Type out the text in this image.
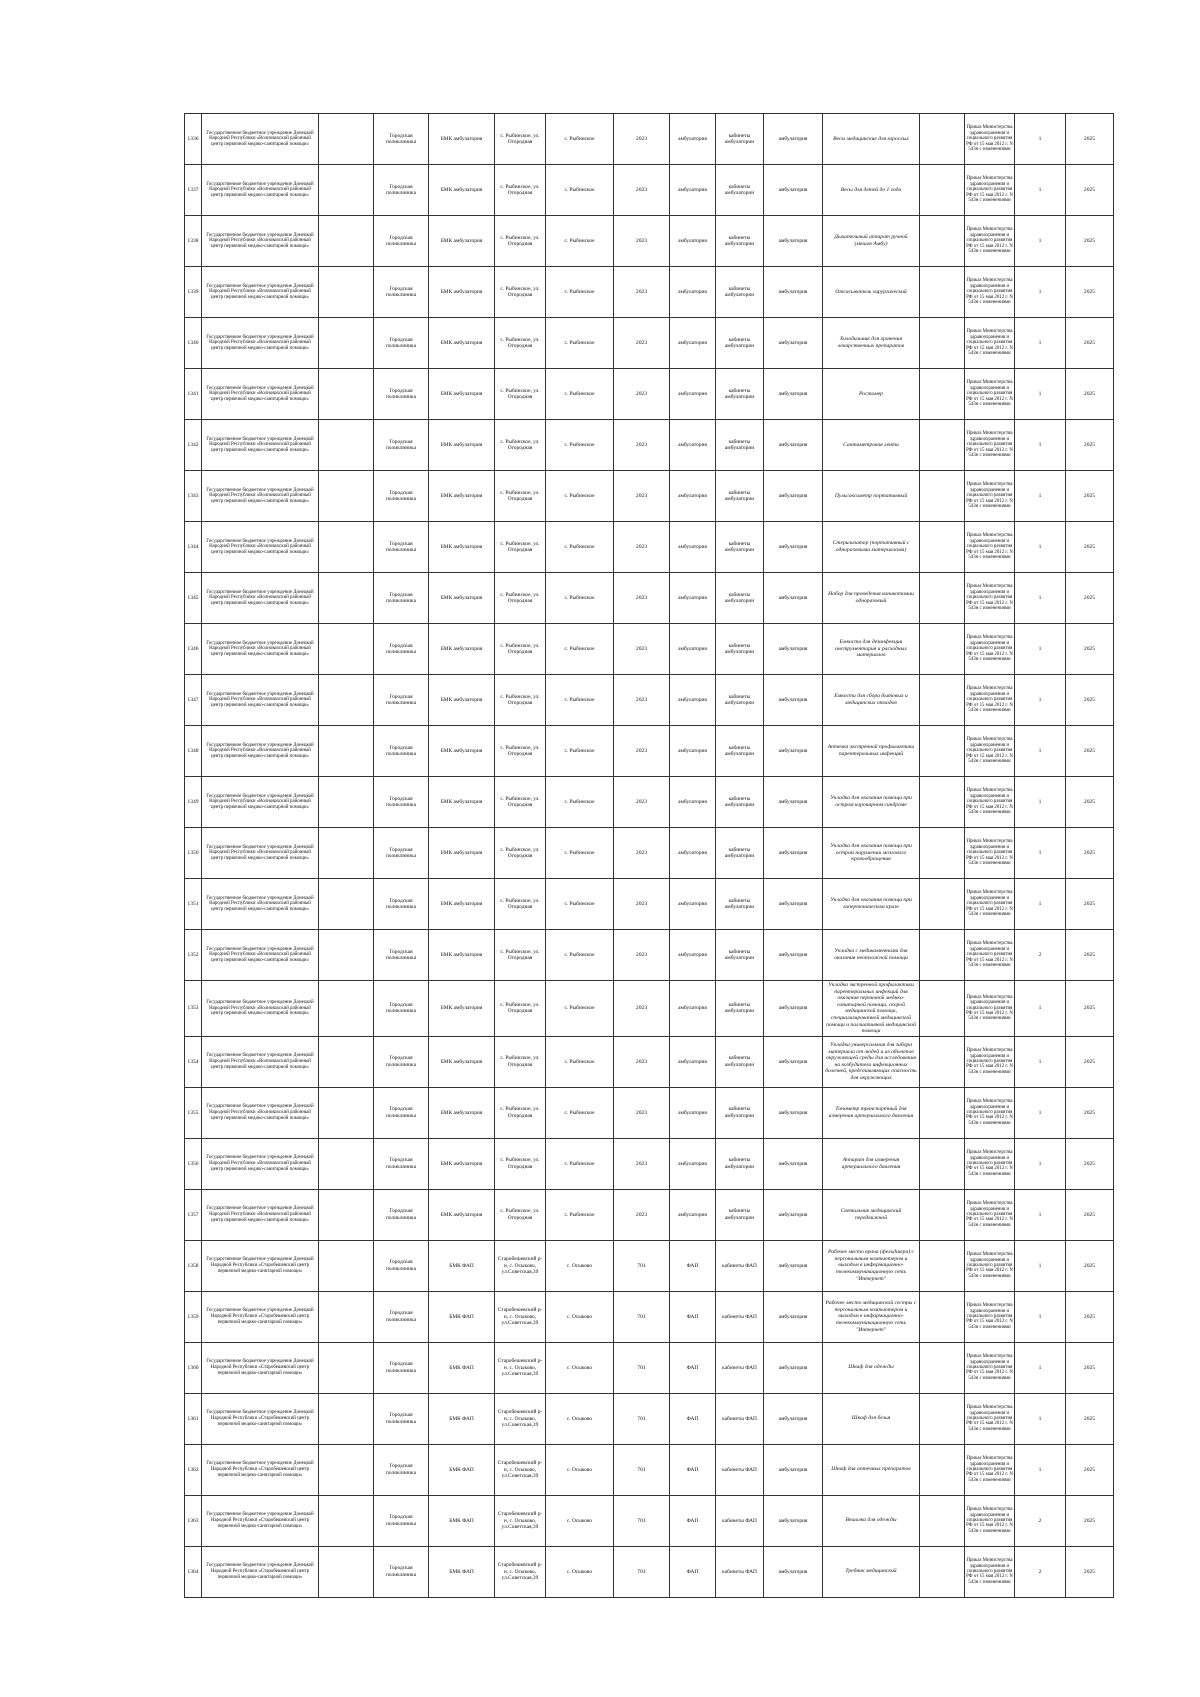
1336	Государственное бюджетное учреждение Донецкой Народной Республики «Волновахский районный центр первичной медико-санитарной помощи»		Городская поликлиника	БМК амбулатория	с. Рыбинское, ул. Огородная	с. Рыбинское	2023	амбулатория	кабинеты амбулатории	амбулатория	Весы медицинские для взрослых		Приказ Министерства здравоохранения и социального развития РФ от 15 мая 2012 г. N 543н с изменениями	1	2025
1337	Государственное бюджетное учреждение Донецкой Народной Республики «Волновахский районный центр первичной медико-санитарной помощи»		Городская поликлиника	БМК амбулатория	с. Рыбинское, ул. Огородная	с. Рыбинское	2023	амбулатория	кабинеты амбулатории	амбулатория	Весы для детей до 1 года		Приказ Министерства здравоохранения и социального развития РФ от 15 мая 2012 г. N 543н с изменениями	1	2025
1338	Государственное бюджетное учреждение Донецкой Народной Республики «Волновахский районный центр первичной медико-санитарной помощи»		Городская поликлиника	БМК амбулатория	с. Рыбинское, ул. Огородная	с. Рыбинское	2023	амбулатория	кабинеты амбулатории	амбулатория	Дыхательный аппарат ручной (мешок Амбу)		Приказ Министерства здравоохранения и социального развития РФ от 15 мая 2012 г. N 543н с изменениями	1	2025
1339	Государственное бюджетное учреждение Донецкой Народной Республики «Волновахский районный центр первичной медико-санитарной помощи»		Городская поликлиника	БМК амбулатория	с. Рыбинское, ул. Огородная	с. Рыбинское	2023	амбулатория	кабинеты амбулатории	амбулатория	Отсасыватель хирургический		Приказ Министерства здравоохранения и социального развития РФ от 15 мая 2012 г. N 543н с изменениями	1	2025
1340	Государственное бюджетное учреждение Донецкой Народной Республики «Волновахский районный центр первичной медико-санитарной помощи»		Городская поликлиника	БМК амбулатория	с. Рыбинское, ул. Огородная	с. Рыбинское	2023	амбулатория	кабинеты амбулатории	амбулатория	Холодильник для хранения лекарственных препаратов		Приказ Министерства здравоохранения и социального развития РФ от 15 мая 2012 г. N 543н с изменениями	1	2025
1341	Государственное бюджетное учреждение Донецкой Народной Республики «Волновахский районный центр первичной медико-санитарной помощи»		Городская поликлиника	БМК амбулатория	с. Рыбинское, ул. Огородная	с. Рыбинское	2023	амбулатория	кабинеты амбулатории	амбулатория	Ростомер		Приказ Министерства здравоохранения и социального развития РФ от 15 мая 2012 г. N 543н с изменениями	1	2025
1342	Государственное бюджетное учреждение Донецкой Народной Республики «Волновахский районный центр первичной медико-санитарной помощи»		Городская поликлиника	БМК амбулатория	с. Рыбинское, ул. Огородная	с. Рыбинское	2023	амбулатория	кабинеты амбулатории	амбулатория	Сантиметровая лента		Приказ Министерства здравоохранения и социального развития РФ от 15 мая 2012 г. N 543н с изменениями	1	2025
1343	Государственное бюджетное учреждение Донецкой Народной Республики «Волновахский районный центр первичной медико-санитарной помощи»		Городская поликлиника	БМК амбулатория	с. Рыбинское, ул. Огородная	с. Рыбинское	2023	амбулатория	кабинеты амбулатории	амбулатория	Пульсоксиметр портативный		Приказ Министерства здравоохранения и социального развития РФ от 15 мая 2012 г. N 543н с изменениями	1	2025
1344	Государственное бюджетное учреждение Донецкой Народной Республики «Волновахский районный центр первичной медико-санитарной помощи»		Городская поликлиника	БМК амбулатория	с. Рыбинское, ул. Огородная	с. Рыбинское	2023	амбулатория	кабинеты амбулатории	амбулатория	Стерилизатор (портативный с одноразовыми материалами)		Приказ Министерства здравоохранения и социального развития РФ от 15 мая 2012 г. N 543н с изменениями	1	2025
1345	Государственное бюджетное учреждение Донецкой Народной Республики «Волновахский районный центр первичной медико-санитарной помощи»		Городская поликлиника	БМК амбулатория	с. Рыбинское, ул. Огородная	с. Рыбинское	2023	амбулатория	кабинеты амбулатории	амбулатория	Набор для проведения коникотомии одноразовый		Приказ Министерства здравоохранения и социального развития РФ от 15 мая 2012 г. N 543н с изменениями	1	2025
1346	Государственное бюджетное учреждение Донецкой Народной Республики «Волновахский районный центр первичной медико-санитарной помощи»		Городская поликлиника	БМК амбулатория	с. Рыбинское, ул. Огородная	с. Рыбинское	2023	амбулатория	кабинеты амбулатории	амбулатория	Емкости для дезинфекции инструментария и расходных материалов		Приказ Министерства здравоохранения и социального развития РФ от 15 мая 2012 г. N 543н с изменениями	1	2025
1347	Государственное бюджетное учреждение Донецкой Народной Республики «Волновахский районный центр первичной медико-санитарной помощи»		Городская поликлиника	БМК амбулатория	с. Рыбинское, ул. Огородная	с. Рыбинское	2023	амбулатория	кабинеты амбулатории	амбулатория	Емкости для сбора бытовых и медицинских отходов		Приказ Министерства здравоохранения и социального развития РФ от 15 мая 2012 г. N 543н с изменениями	1	2025
1348	Государственное бюджетное учреждение Донецкой Народной Республики «Волновахский районный центр первичной медико-санитарной помощи»		Городская поликлиника	БМК амбулатория	с. Рыбинское, ул. Огородная	с. Рыбинское	2023	амбулатория	кабинеты амбулатории	амбулатория	Аптечка экстренной профилактики парентеральных инфекций		Приказ Министерства здравоохранения и социального развития РФ от 15 мая 2012 г. N 543н с изменениями	1	2025
1349	Государственное бюджетное учреждение Донецкой Народной Республики «Волновахский районный центр первичной медико-санитарной помощи»		Городская поликлиника	БМК амбулатория	с. Рыбинское, ул. Огородная	с. Рыбинское	2023	амбулатория	кабинеты амбулатории	амбулатория	Укладка для оказания помощи при остром коронарном синдроме		Приказ Министерства здравоохранения и социального развития РФ от 15 мая 2012 г. N 543н с изменениями	1	2025
1350	Государственное бюджетное учреждение Донецкой Народной Республики «Волновахский районный центр первичной медико-санитарной помощи»		Городская поликлиника	БМК амбулатория	с. Рыбинское, ул. Огородная	с. Рыбинское	2023	амбулатория	кабинеты амбулатории	амбулатория	Укладка для оказания помощи при остром нарушении мозгового кровообращения		Приказ Министерства здравоохранения и социального развития РФ от 15 мая 2012 г. N 543н с изменениями	1	2025
1351	Государственное бюджетное учреждение Донецкой Народной Республики «Волновахский районный центр первичной медико-санитарной помощи»		Городская поликлиника	БМК амбулатория	с. Рыбинское, ул. Огородная	с. Рыбинское	2023	амбулатория	кабинеты амбулатории	амбулатория	Укладка для оказания помощи при гипертоническом кризе		Приказ Министерства здравоохранения и социального развития РФ от 15 мая 2012 г. N 543н с изменениями	1	2025
1352	Государственное бюджетное учреждение Донецкой Народной Республики «Волновахский районный центр первичной медико-санитарной помощи»		Городская поликлиника	БМК амбулатория	с. Рыбинское, ул. Огородная	с. Рыбинское	2023	амбулатория	кабинеты амбулатории	амбулатория	Укладка с медикаментами для оказания неотложной помощи		Приказ Министерства здравоохранения и социального развития РФ от 15 мая 2012 г. N 543н с изменениями	2	2025
1353	Государственное бюджетное учреждение Донецкой Народной Республики «Волновахский районный центр первичной медико-санитарной помощи»		Городская поликлиника	БМК амбулатория	с. Рыбинское, ул. Огородная	с. Рыбинское	2023	амбулатория	кабинеты амбулатории	амбулатория	Укладка экстренной профилактики парентеральных инфекций для оказания первичной медико-санитарной помощи, скорой медицинской помощи, специализированной медицинской помощи и паллиативной медицинской помощи		Приказ Министерства здравоохранения и социального развития РФ от 15 мая 2012 г. N 543н с изменениями	1	2025
1354	Государственное бюджетное учреждение Донецкой Народной Республики «Волновахский районный центр первичной медико-санитарной помощи»		Городская поликлиника	БМК амбулатория	с. Рыбинское, ул. Огородная	с. Рыбинское	2023	амбулатория	кабинеты амбулатории	амбулатория	Укладка универсальная для забора материала от людей и из объектов окружающей среды для исследования на возбудители инфекционных болезней, представляющих опасность для окружающих		Приказ Министерства здравоохранения и социального развития РФ от 15 мая 2012 г. N 543н с изменениями	1	2025
1355	Государственное бюджетное учреждение Донецкой Народной Республики «Волновахский районный центр первичной медико-санитарной помощи»		Городская поликлиника	БМК амбулатория	с. Рыбинское, ул. Огородная	с. Рыбинское	2023	амбулатория	кабинеты амбулатории	амбулатория	Тонометр транспортный для измерения артериального давления		Приказ Министерства здравоохранения и социального развития РФ от 15 мая 2012 г. N 543н с изменениями	1	2025
1356	Государственное бюджетное учреждение Донецкой Народной Республики «Волновахский районный центр первичной медико-санитарной помощи»		Городская поликлиника	БМК амбулатория	с. Рыбинское, ул. Огородная	с. Рыбинское	2023	амбулатория	кабинеты амбулатории	амбулатория	Аппарат для измерения артериального давления		Приказ Министерства здравоохранения и социального развития РФ от 15 мая 2012 г. N 543н с изменениями	1	2025
1357	Государственное бюджетное учреждение Донецкой Народной Республики «Волновахский районный центр первичной медико-санитарной помощи»		Городская поликлиника	БМК амбулатория	с. Рыбинское, ул. Огородная	с. Рыбинское	2023	амбулатория	кабинеты амбулатории	амбулатория	Светильник медицинский передвижной		Приказ Министерства здравоохранения и социального развития РФ от 15 мая 2012 г. N 543н с изменениями	1	2025
1358	Государственное бюджетное учреждение Донецкой Народной Республики «Старобешевский центр первичной медико-санитарной помощи»		Городская поликлиника	БМК ФАП	Старобешевский р-н, с. Осыково, ул.Советская,39	с. Осыково	701	ФАП	кабинеты ФАП	амбулатория	Рабочее место врача (фельдшера) с персональным компьютером и выходом в информационно-телекоммуникационную сеть "Интернет"		Приказ Министерства здравоохранения и социального развития РФ от 15 мая 2012 г. N 543н с изменениями	1	2025
1359	Государственное бюджетное учреждение Донецкой Народной Республики «Старобешевский центр первичной медико-санитарной помощи»		Городская поликлиника	БМК ФАП	Старобешевский р-н, с. Осыково, ул.Советская,39	с. Осыково	701	ФАП	кабинеты ФАП	амбулатория	Рабочее место медицинской сестры с персональным компьютером и выходом в информационно-телекоммуникационную сеть "Интернет"		Приказ Министерства здравоохранения и социального развития РФ от 15 мая 2012 г. N 543н с изменениями	1	2025
1360	Государственное бюджетное учреждение Донецкой Народной Республики «Старобешевский центр первичной медико-санитарной помощи»		Городская поликлиника	БМК ФАП	Старобешевский р-н, с. Осыково, ул.Советская,39	с. Осыково	701	ФАП	кабинеты ФАП	амбулатория	Шкаф для одежды		Приказ Министерства здравоохранения и социального развития РФ от 15 мая 2012 г. N 543н с изменениями	1	2025
1361	Государственное бюджетное учреждение Донецкой Народной Республики «Старобешевский центр первичной медико-санитарной помощи»		Городская поликлиника	БМК ФАП	Старобешевский р-н, с. Осыково, ул.Советская,39	с. Осыково	701	ФАП	кабинеты ФАП	амбулатория	Шкаф для белья		Приказ Министерства здравоохранения и социального развития РФ от 15 мая 2012 г. N 543н с изменениями	1	2025
1362	Государственное бюджетное учреждение Донецкой Народной Республики «Старобешевский центр первичной медико-санитарной помощи»		Городская поликлиника	БМК ФАП	Старобешевский р-н, с. Осыково, ул.Советская,39	с. Осыково	701	ФАП	кабинеты ФАП	амбулатория	Шкаф для аптечных препаратов		Приказ Министерства здравоохранения и социального развития РФ от 15 мая 2012 г. N 543н с изменениями	1	2025
1363	Государственное бюджетное учреждение Донецкой Народной Республики «Старобешевский центр первичной медико-санитарной помощи»		Городская поликлиника	БМК ФАП	Старобешевский р-н, с. Осыково, ул.Советская,39	с. Осыково	701	ФАП	кабинеты ФАП	амбулатория	Вешалка для одежды		Приказ Министерства здравоохранения и социального развития РФ от 15 мая 2012 г. N 543н с изменениями	2	2025
1364	Государственное бюджетное учреждение Донецкой Народной Республики «Старобешевский центр первичной медико-санитарной помощи»		Городская поликлиника	БМК ФАП	Старобешевский р-н, с. Осыково, ул.Советская,39	с. Осыково	701	ФАП	кабинеты ФАП	амбулатория	Требник медицинский		Приказ Министерства здравоохранения и социального развития РФ от 15 мая 2012 г. N 543н с изменениями	2	2025
